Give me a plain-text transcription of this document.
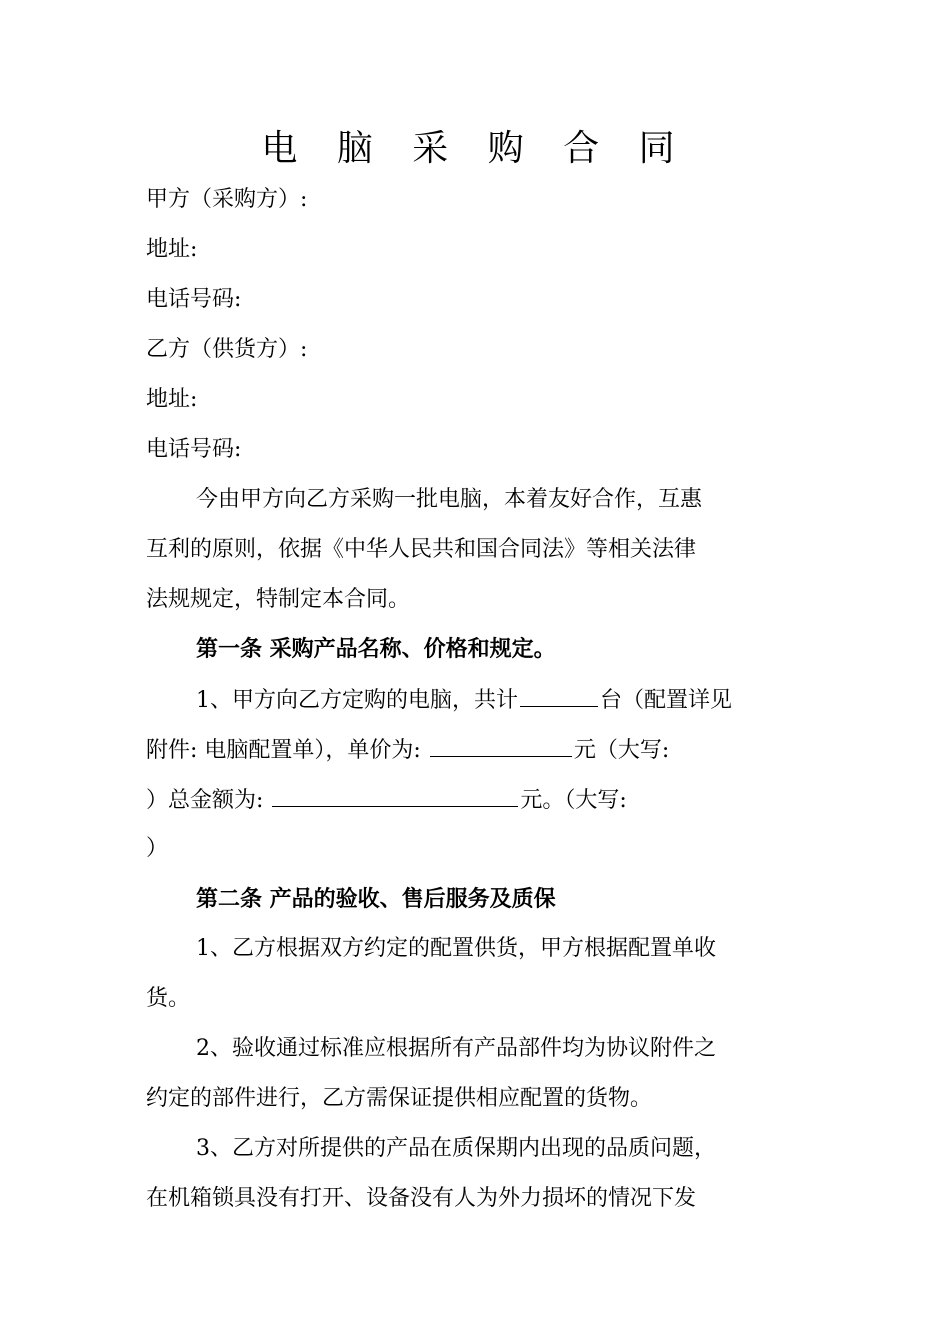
电 脑 采 购 合 同
甲方（采购方）:
地址:
电话号码:
乙方（供货方）:
地址:
电话号码:
今由甲方向乙方采购一批电脑，本着友好合作，互惠
互利的原则，依据《中华人民共和国合同法》等相关法律
法规规定，特制定本合同。
第一条 采购产品名称、价格和规定。
1、甲方向乙方定购的电脑，共计	台（配置详见
附件: 电脑配置单），单价为:	元（大写:
）总金额为:	元。（大写:
）
第二条 产品的验收、售后服务及质保
1、乙方根据双方约定的配置供货，甲方根据配置单收
货。
2、验收通过标准应根据所有产品部件均为协议附件之
约定的部件进行，乙方需保证提供相应配置的货物。
3、乙方对所提供的产品在质保期内出现的品质问题，
在机箱锁具没有打开、设备没有人为外力损坏的情况下发
